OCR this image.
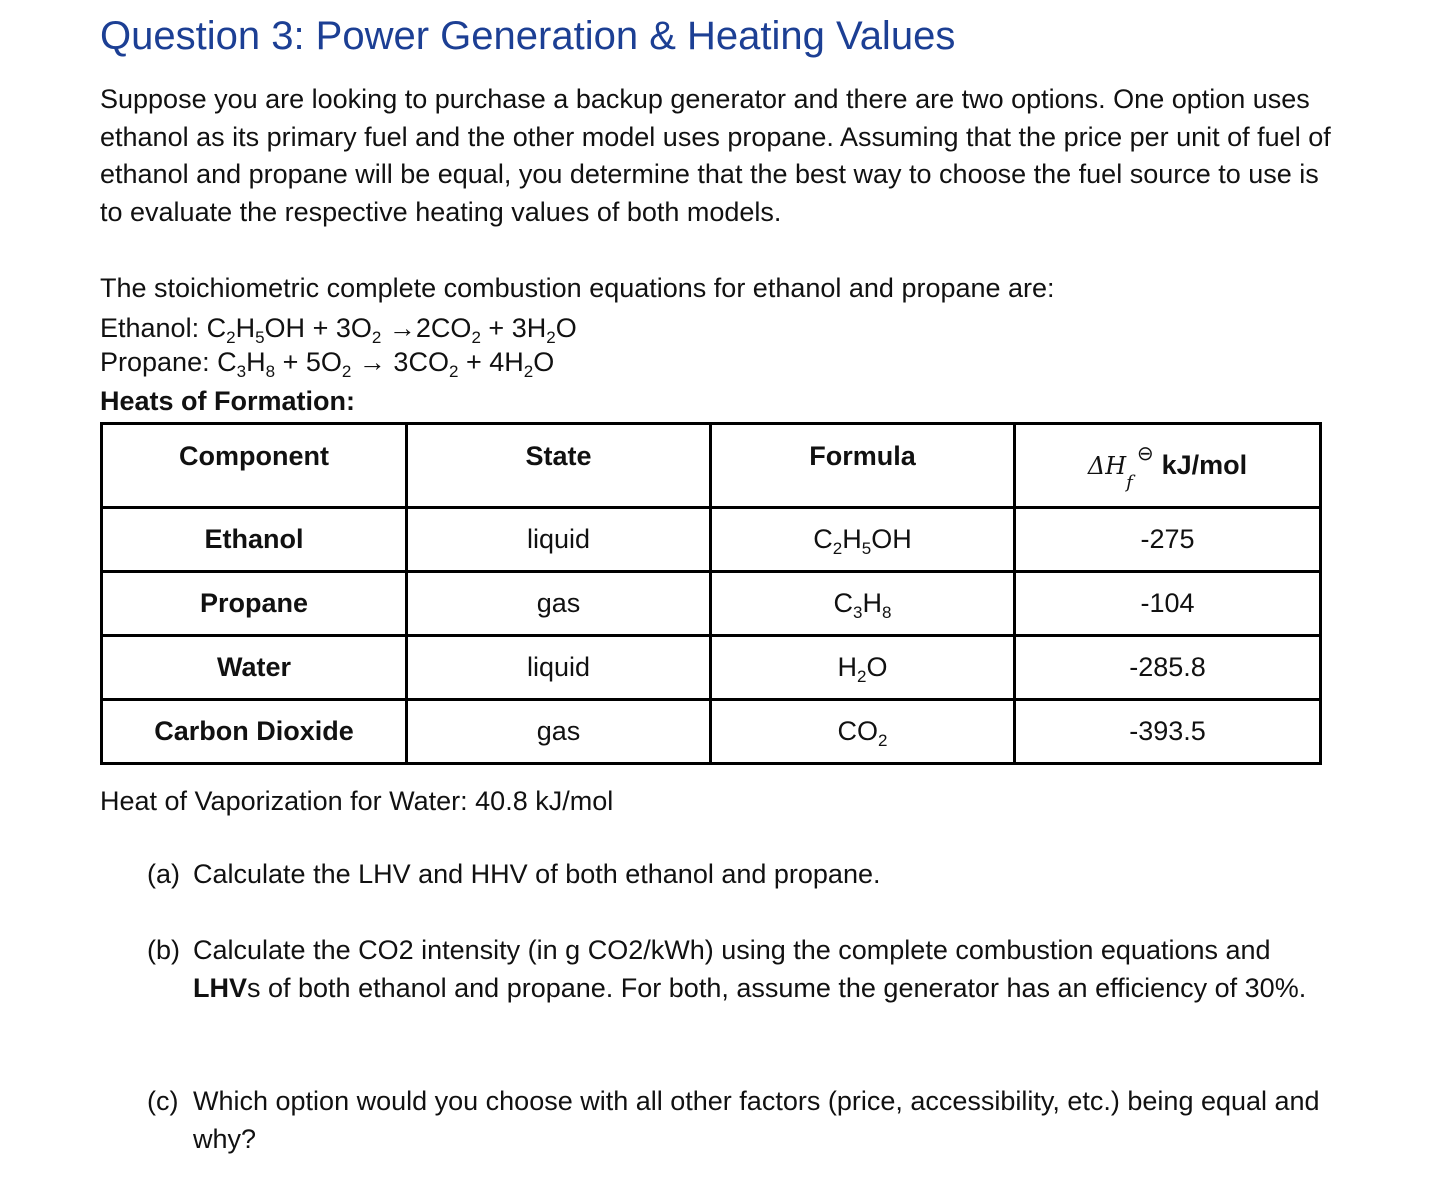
Question 3: Power Generation & Heating Values

Suppose you are looking to purchase a backup generator and there are two options. One option uses ethanol as its primary fuel and the other model uses propane. Assuming that the price per unit of fuel of ethanol and propane will be equal, you determine that the best way to choose the fuel source to use is to evaluate the respective heating values of both models.

The stoichiometric complete combustion equations for ethanol and propane are:

Ethanol: $C_2H_5OH + 3O_2 \to 2CO_2 + 3H_2O$

Propane: $C_3H_8 + 5O_2 \to 3CO_2 + 4H_2O$

Heats of Formation:

Component	State	Formula	$\Delta H_f^⊖$ kJ/mol
Ethanol	liquid	$C_2H_5OH$	-275
Propane	gas	$C_3H_8$	-104
Water	liquid	$H_2O$	-285.8
Carbon Dioxide	gas	$CO_2$	-393.5

Heat of Vaporization for Water: 40.8 kJ/mol

(a) Calculate the LHV and HHV of both ethanol and propane.
(b) Calculate the CO2 intensity (in g CO2/kWh) using the complete combustion equations and LHVs of both ethanol and propane. For both, assume the generator has an efficiency of 30%.
(c) Which option would you choose with all other factors (price, accessibility, etc.) being equal and why?
